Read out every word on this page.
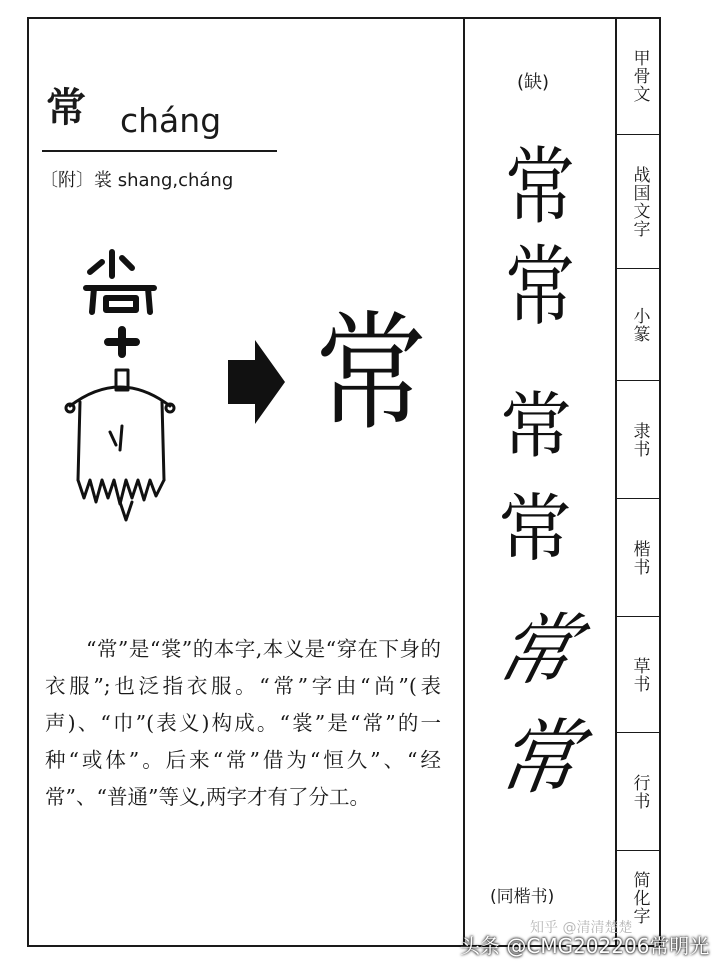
常 cháng
〔附〕裳 shang,cháng
常
“常”是“裳”的本字,本义是“穿在下身的衣服”;也泛指衣服。“常”字由“尚”(表声)、“巾”(表义)构成。“裳”是“常”的一种“或体”。后来“常”借为“恒久”、“经常”、“普通”等义,两字才有了分工。
(缺)
常
常
常
常
常
常
(同楷书)
甲骨文
战国文字
小篆
隶书
楷书
草书
行书
简化字
知乎 @清清楚楚
头条 @CMG202206常明光
